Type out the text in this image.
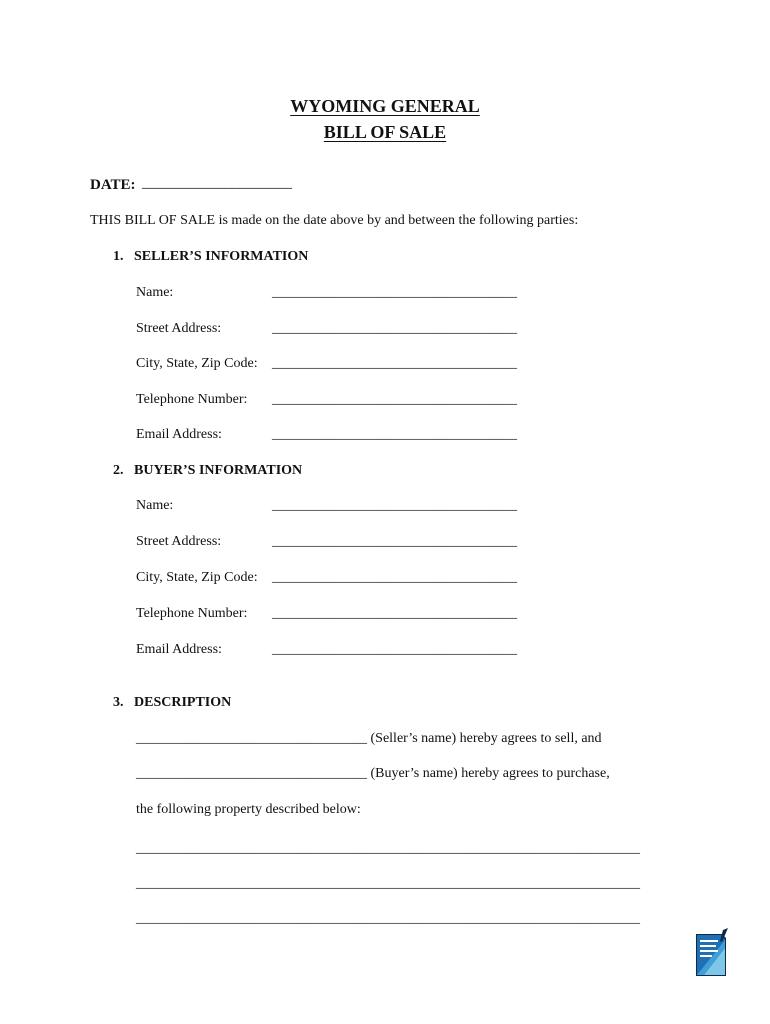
WYOMING GENERAL
BILL OF SALE
DATE: ____________________
THIS BILL OF SALE is made on the date above by and between the following parties:
1.   SELLER’S INFORMATION
Name:	___________________________________
Street Address:	___________________________________
City, State, Zip Code: ___________________________________
Telephone Number: ___________________________________
Email Address:	___________________________________
2.   BUYER’S INFORMATION
Name:	___________________________________
Street Address:	___________________________________
City, State, Zip Code: ___________________________________
Telephone Number: ___________________________________
Email Address:	___________________________________
3.   DESCRIPTION
_________________________________ (Seller’s name) hereby agrees to sell, and
_________________________________ (Buyer’s name) hereby agrees to purchase,
the following property described below:
________________________________________________________________________
________________________________________________________________________
________________________________________________________________________
